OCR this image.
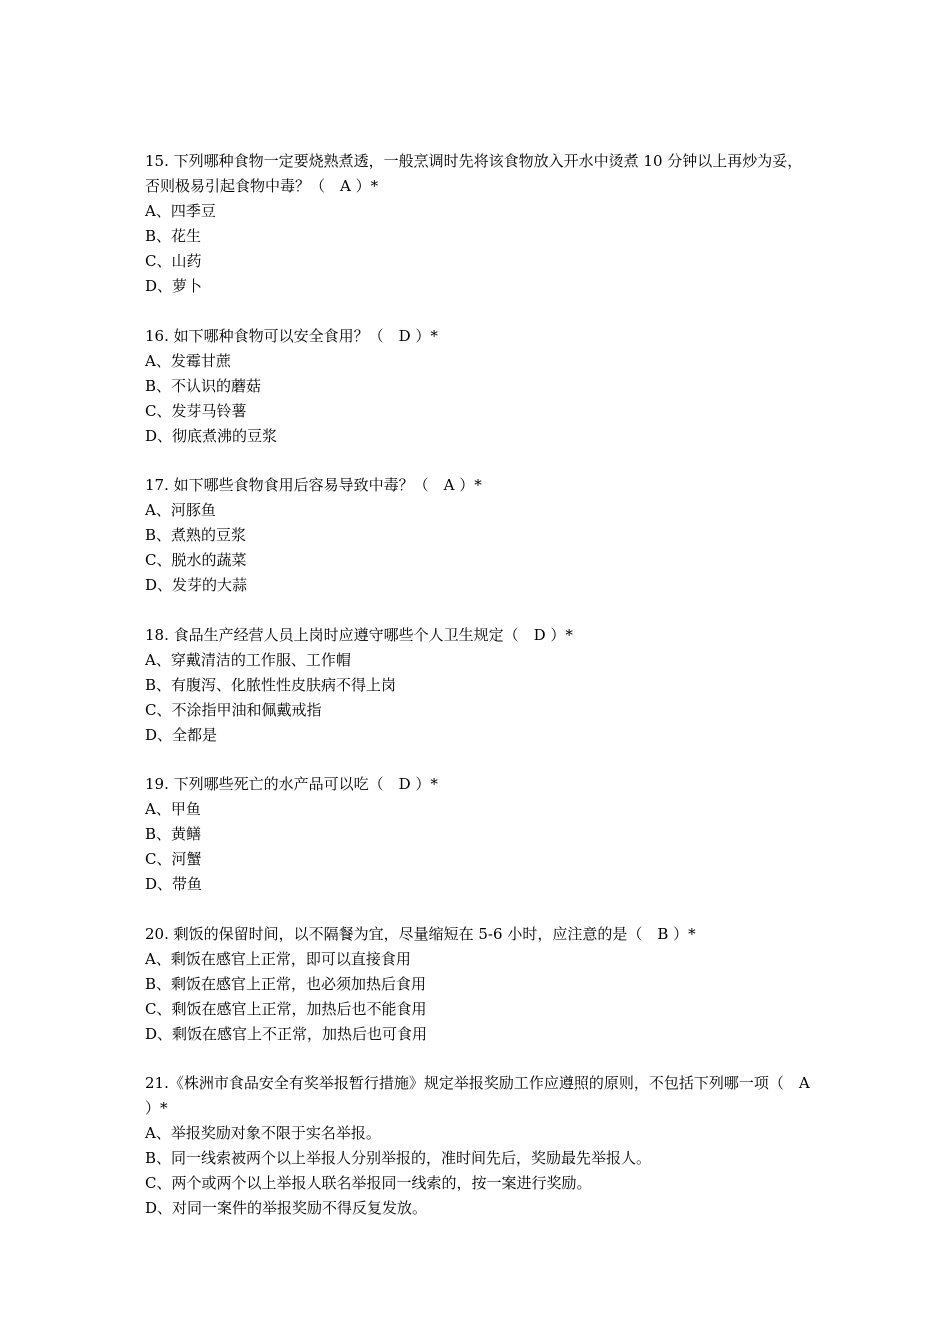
15. 下列哪种食物一定要烧熟煮透，一般烹调时先将该食物放入开水中烫煮 10 分钟以上再炒为妥，否则极易引起食物中毒？（　A ）*

A、四季豆

B、花生

C、山药

D、萝卜

16. 如下哪种食物可以安全食用？（　D ）*

A、发霉甘蔗

B、不认识的蘑菇

C、发芽马铃薯

D、彻底煮沸的豆浆

17. 如下哪些食物食用后容易导致中毒？（　A ）*

A、河豚鱼

B、煮熟的豆浆

C、脱水的蔬菜

D、发芽的大蒜

18. 食品生产经营人员上岗时应遵守哪些个人卫生规定（　D ）*

A、穿戴清洁的工作服、工作帽

B、有腹泻、化脓性性皮肤病不得上岗

C、不涂指甲油和佩戴戒指

D、全都是

19. 下列哪些死亡的水产品可以吃（　D ）*

A、甲鱼

B、黄鳝

C、河蟹

D、带鱼

20. 剩饭的保留时间，以不隔餐为宜，尽量缩短在 5-6 小时，应注意的是（　B ）*

A、剩饭在感官上正常，即可以直接食用

B、剩饭在感官上正常，也必须加热后食用

C、剩饭在感官上正常，加热后也不能食用

D、剩饭在感官上不正常，加热后也可食用

21.《株洲市食品安全有奖举报暂行措施》规定举报奖励工作应遵照的原则，不包括下列哪一项（　A ）*

A、举报奖励对象不限于实名举报。

B、同一线索被两个以上举报人分别举报的，准时间先后，奖励最先举报人。

C、两个或两个以上举报人联名举报同一线索的，按一案进行奖励。

D、对同一案件的举报奖励不得反复发放。
